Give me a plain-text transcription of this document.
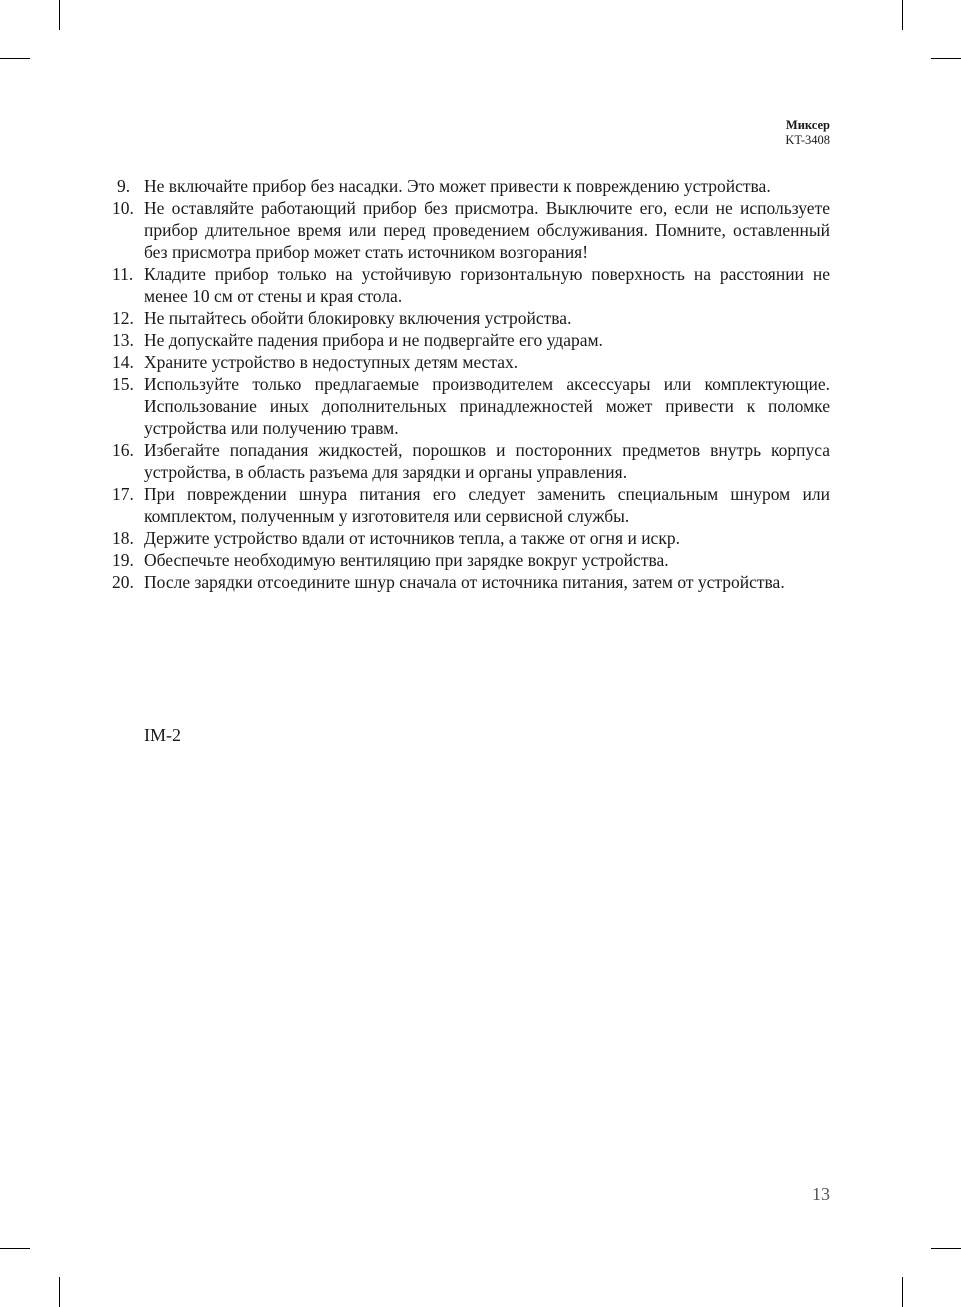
Миксер
KT-3408
9. Не включайте прибор без насадки. Это может привести к повреждению устройства.
10. Не оставляйте работающий прибор без присмотра. Выключите его, если не используете прибор длительное время или перед проведением обслуживания. Помните, оставленный без присмотра прибор может стать источником возгорания!
11. Кладите прибор только на устойчивую горизонтальную поверхность на расстоянии не менее 10 см от стены и края стола.
12. Не пытайтесь обойти блокировку включения устройства.
13. Не допускайте падения прибора и не подвергайте его ударам.
14. Храните устройство в недоступных детям местах.
15. Используйте только предлагаемые производителем аксессуары или комплектующие. Использование иных дополнительных принадлежностей может привести к поломке устройства или получению травм.
16. Избегайте попадания жидкостей, порошков и посторонних предметов внутрь корпуса устройства, в область разъема для зарядки и органы управления.
17. При повреждении шнура питания его следует заменить специальным шнуром или комплектом, полученным у изготовителя или сервисной службы.
18. Держите устройство вдали от источников тепла, а также от огня и искр.
19. Обеспечьте необходимую вентиляцию при зарядке вокруг устройства.
20. После зарядки отсоедините шнур сначала от источника питания, затем от устройства.
IM-2
13
